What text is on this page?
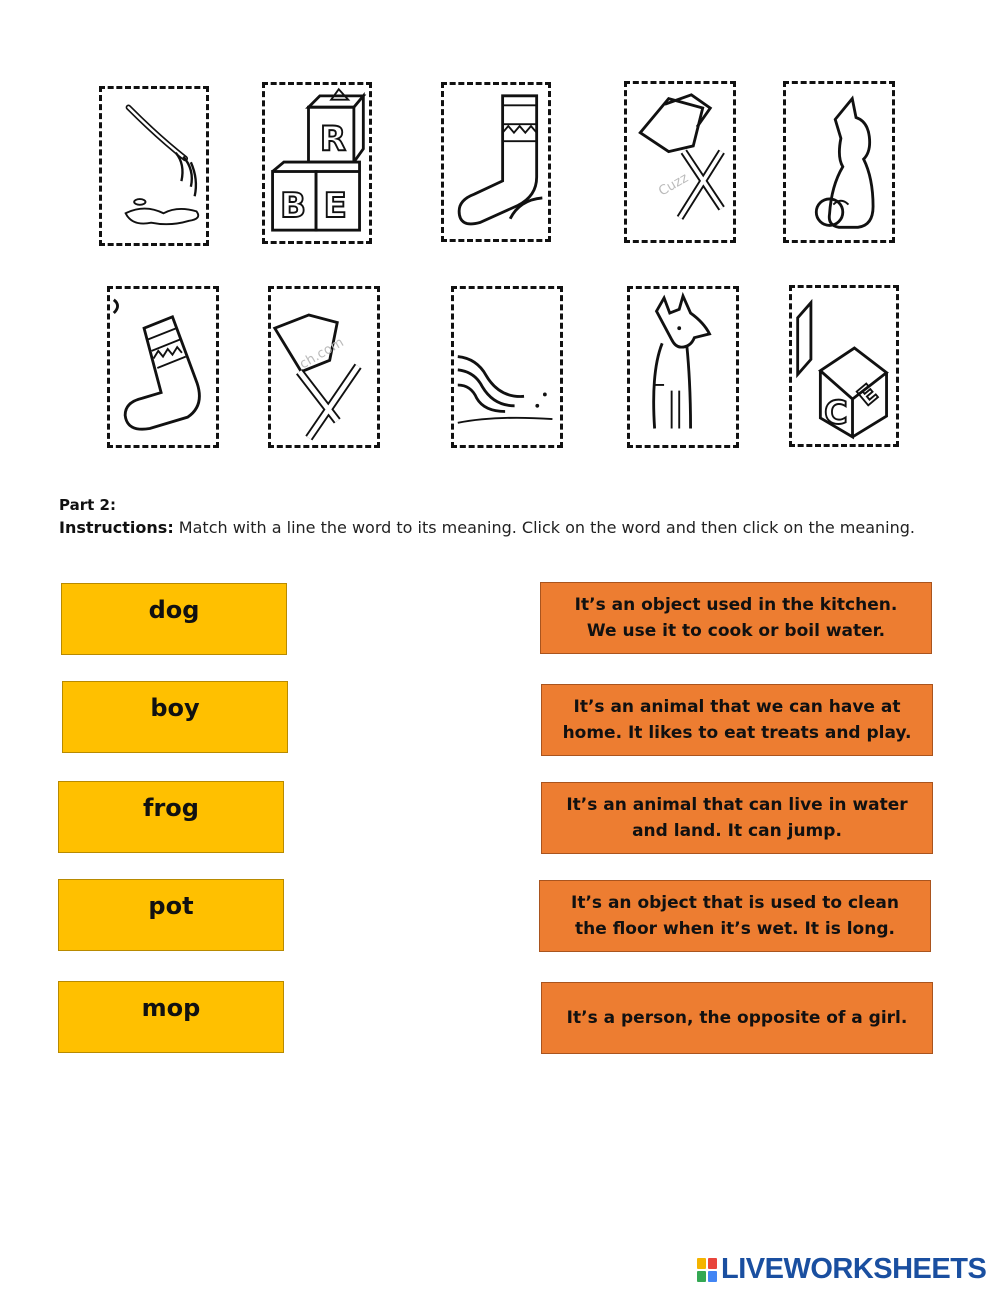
R
B E
Cuzz
ch.com
C E
Part 2:
Instructions: Match with a line the word to its meaning. Click on the word and then click on the meaning.
dog
boy
frog
pot
mop
It’s an object used in the kitchen. We use it to cook or boil water.
It’s an animal that we can have at home. It likes to eat treats and play.
It’s an animal that can live in water and land. It can jump.
It’s an object that is used to clean the floor when it’s wet. It is long.
It’s a person, the opposite of a girl.
LIVEWORKSHEETS
